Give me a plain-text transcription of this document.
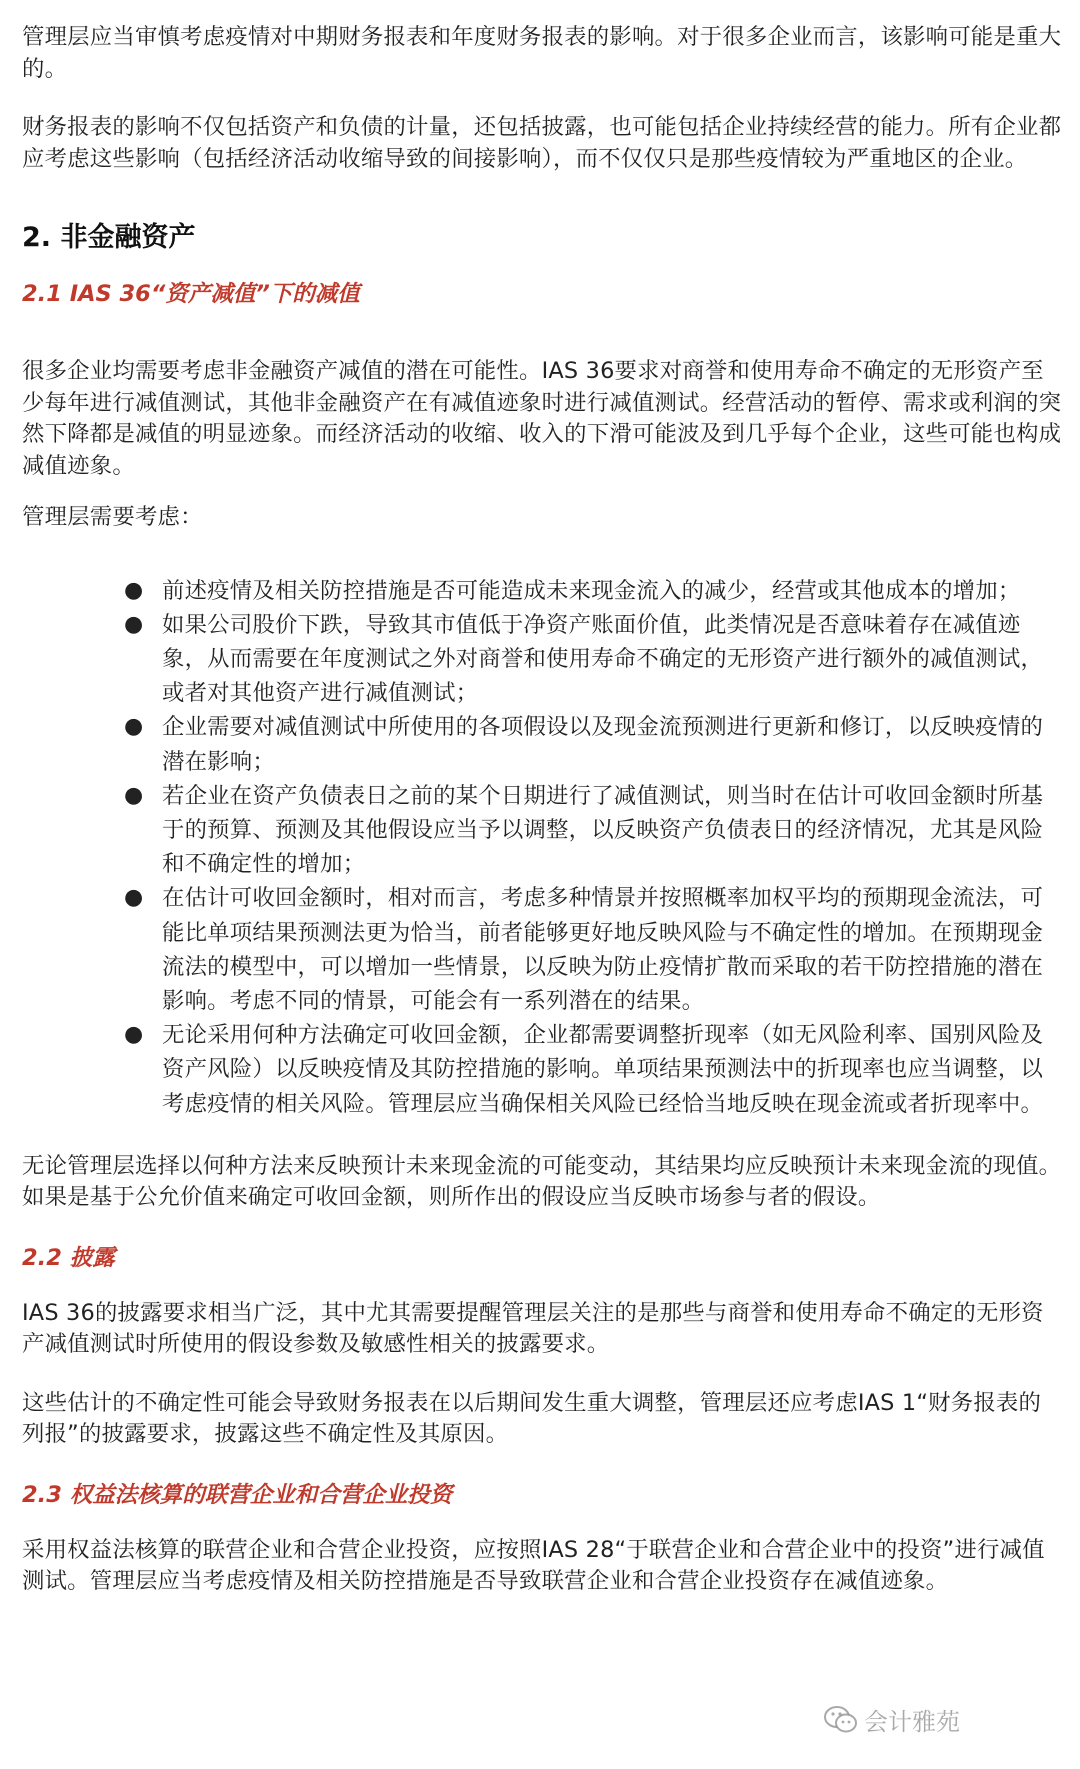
管理层应当审慎考虑疫情对中期财务报表和年度财务报表的影响。对于很多企业而言，该影响可能是重大的。

财务报表的影响不仅包括资产和负债的计量，还包括披露，也可能包括企业持续经营的能力。所有企业都应考虑这些影响（包括经济活动收缩导致的间接影响），而不仅仅只是那些疫情较为严重地区的企业。

2. 非金融资产
2.1 IAS 36“资产减值”下的减值

很多企业均需要考虑非金融资产减值的潜在可能性。IAS 36要求对商誉和使用寿命不确定的无形资产至少每年进行减值测试，其他非金融资产在有减值迹象时进行减值测试。经营活动的暂停、需求或利润的突然下降都是减值的明显迹象。而经济活动的收缩、收入的下滑可能波及到几乎每个企业，这些可能也构成减值迹象。

管理层需要考虑：

● 前述疫情及相关防控措施是否可能造成未来现金流入的减少，经营或其他成本的增加；
● 如果公司股价下跌，导致其市值低于净资产账面价值，此类情况是否意味着存在减值迹象，从而需要在年度测试之外对商誉和使用寿命不确定的无形资产进行额外的减值测试，或者对其他资产进行减值测试；
● 企业需要对减值测试中所使用的各项假设以及现金流预测进行更新和修订，以反映疫情的潜在影响；
● 若企业在资产负债表日之前的某个日期进行了减值测试，则当时在估计可收回金额时所基于的预算、预测及其他假设应当予以调整，以反映资产负债表日的经济情况，尤其是风险和不确定性的增加；
● 在估计可收回金额时，相对而言，考虑多种情景并按照概率加权平均的预期现金流法，可能比单项结果预测法更为恰当，前者能够更好地反映风险与不确定性的增加。在预期现金流法的模型中，可以增加一些情景，以反映为防止疫情扩散而采取的若干防控措施的潜在影响。考虑不同的情景，可能会有一系列潜在的结果。
● 无论采用何种方法确定可收回金额，企业都需要调整折现率（如无风险利率、国别风险及资产风险）以反映疫情及其防控措施的影响。单项结果预测法中的折现率也应当调整，以考虑疫情的相关风险。管理层应当确保相关风险已经恰当地反映在现金流或者折现率中。

无论管理层选择以何种方法来反映预计未来现金流的可能变动，其结果均应反映预计未来现金流的现值。如果是基于公允价值来确定可收回金额，则所作出的假设应当反映市场参与者的假设。

2.2 披露

IAS 36的披露要求相当广泛，其中尤其需要提醒管理层关注的是那些与商誉和使用寿命不确定的无形资产减值测试时所使用的假设参数及敏感性相关的披露要求。

这些估计的不确定性可能会导致财务报表在以后期间发生重大调整，管理层还应考虑IAS 1“财务报表的列报”的披露要求，披露这些不确定性及其原因。

2.3 权益法核算的联营企业和合营企业投资

采用权益法核算的联营企业和合营企业投资，应按照IAS 28“于联营企业和合营企业中的投资”进行减值测试。管理层应当考虑疫情及相关防控措施是否导致联营企业和合营企业投资存在减值迹象。

会计雅苑
